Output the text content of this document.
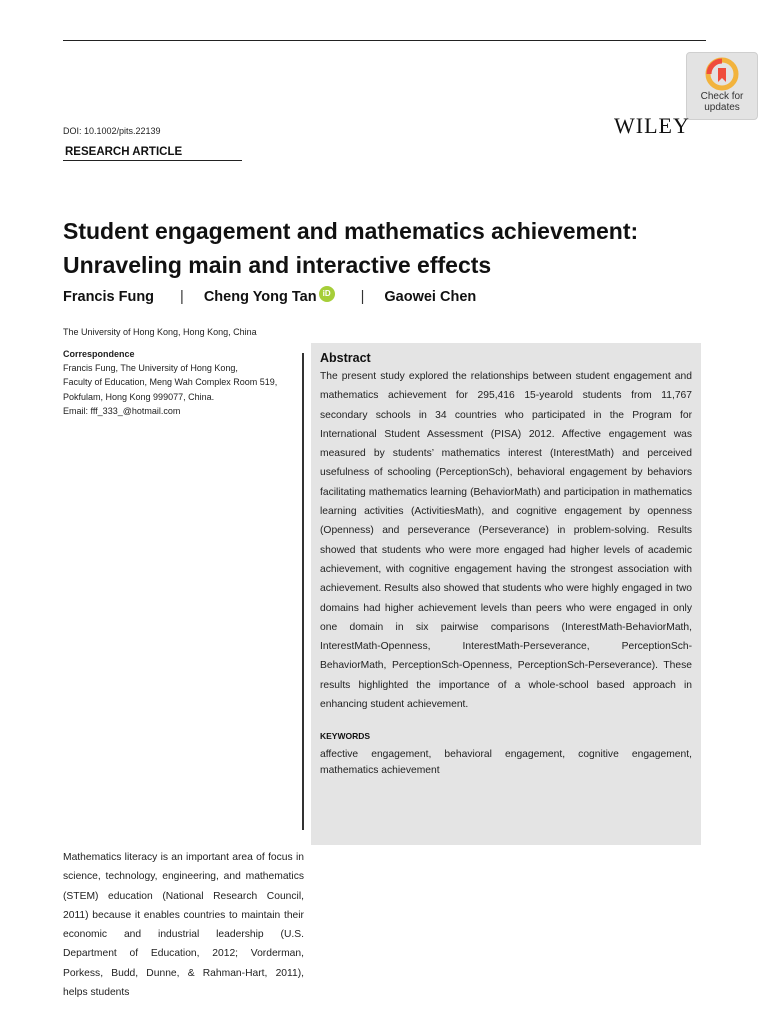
Check for
updates
DOI: 10.1002/pits.22139	WILEY
RESEARCH ARTICLE
Student engagement and mathematics achievement:
Unraveling main and interactive effects
Francis Fung | Cheng Yong Tan iD | Gaowei Chen
The University of Hong Kong, Hong Kong, China
Correspondence
Francis Fung, The University of Hong Kong,
Faculty of Education, Meng Wah Complex Room 519,
Pokfulam, Hong Kong 999077, China.
Email: fff_333_@hotmail.com
Abstract
The present study explored the relationships between student engagement and mathematics achievement for 295,416 15-yearold students from 11,767 secondary schools in 34 countries who participated in the Program for International Student Assessment (PISA) 2012. Affective engagement was measured by students’ mathematics interest (InterestMath) and perceived usefulness of schooling (PerceptionSch), behavioral engagement by behaviors facilitating mathematics learning (BehaviorMath) and participation in mathematics learning activities (ActivitiesMath), and cognitive engagement by openness (Openness) and perseverance (Perseverance) in problem-solving. Results showed that students who were more engaged had higher levels of academic achievement, with cognitive engagement having the strongest association with achievement. Results also showed that students who were highly engaged in two domains had higher achievement levels than peers who were engaged in only one domain in six pairwise comparisons (InterestMath-BehaviorMath, InterestMath-Openness, InterestMath-Perseverance, PerceptionSch-BehaviorMath, PerceptionSch-Openness, PerceptionSch-Perseverance). These results highlighted the importance of a whole-school based approach in enhancing student achievement.
KEYWORDS
affective engagement, behavioral engagement, cognitive engagement, mathematics achievement
Mathematics literacy is an important area of focus in science, technology, engineering, and mathematics (STEM) education (National Research Council, 2011) because it enables countries to maintain their economic and industrial leadership (U.S. Department of Education, 2012; Vorderman, Porkess, Budd, Dunne, & Rahman-Hart, 2011), helps students
